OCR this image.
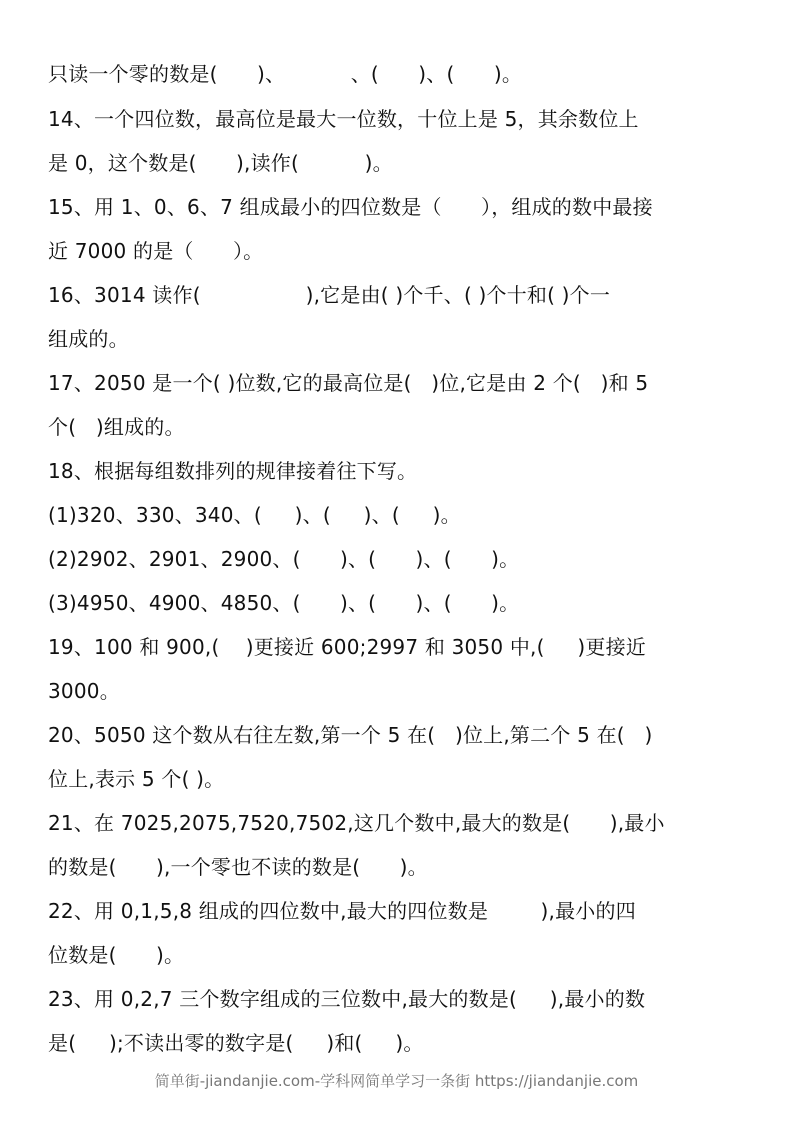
只读一个零的数是(      )、          、(      )、(      )。
14、一个四位数，最高位是最大一位数，十位上是 5，其余数位上
是 0，这个数是(      ),读作(          )。
15、用 1、0、6、7 组成最小的四位数是（      ），组成的数中最接
近 7000 的是（      ）。
16、3014 读作(                ),它是由( )个千、( )个十和( )个一
组成的。
17、2050 是一个( )位数,它的最高位是(   )位,它是由 2 个(   )和 5
个(   )组成的。
18、根据每组数排列的规律接着往下写。
(1)320、330、340、(     )、(     )、(     )。
(2)2902、2901、2900、(      )、(      )、(      )。
(3)4950、4900、4850、(      )、(      )、(      )。
19、100 和 900,(    )更接近 600;2997 和 3050 中,(     )更接近
3000。
20、5050 这个数从右往左数,第一个 5 在(   )位上,第二个 5 在(   )
位上,表示 5 个( )。
21、在 7025,2075,7520,7502,这几个数中,最大的数是(      ),最小
的数是(      ),一个零也不读的数是(      )。
22、用 0,1,5,8 组成的四位数中,最大的四位数是        ),最小的四
位数是(      )。
23、用 0,2,7 三个数字组成的三位数中,最大的数是(     ),最小的数
是(     );不读出零的数字是(     )和(     )。
简单街-jiandanjie.com-学科网简单学习一条街 https://jiandanjie.com
